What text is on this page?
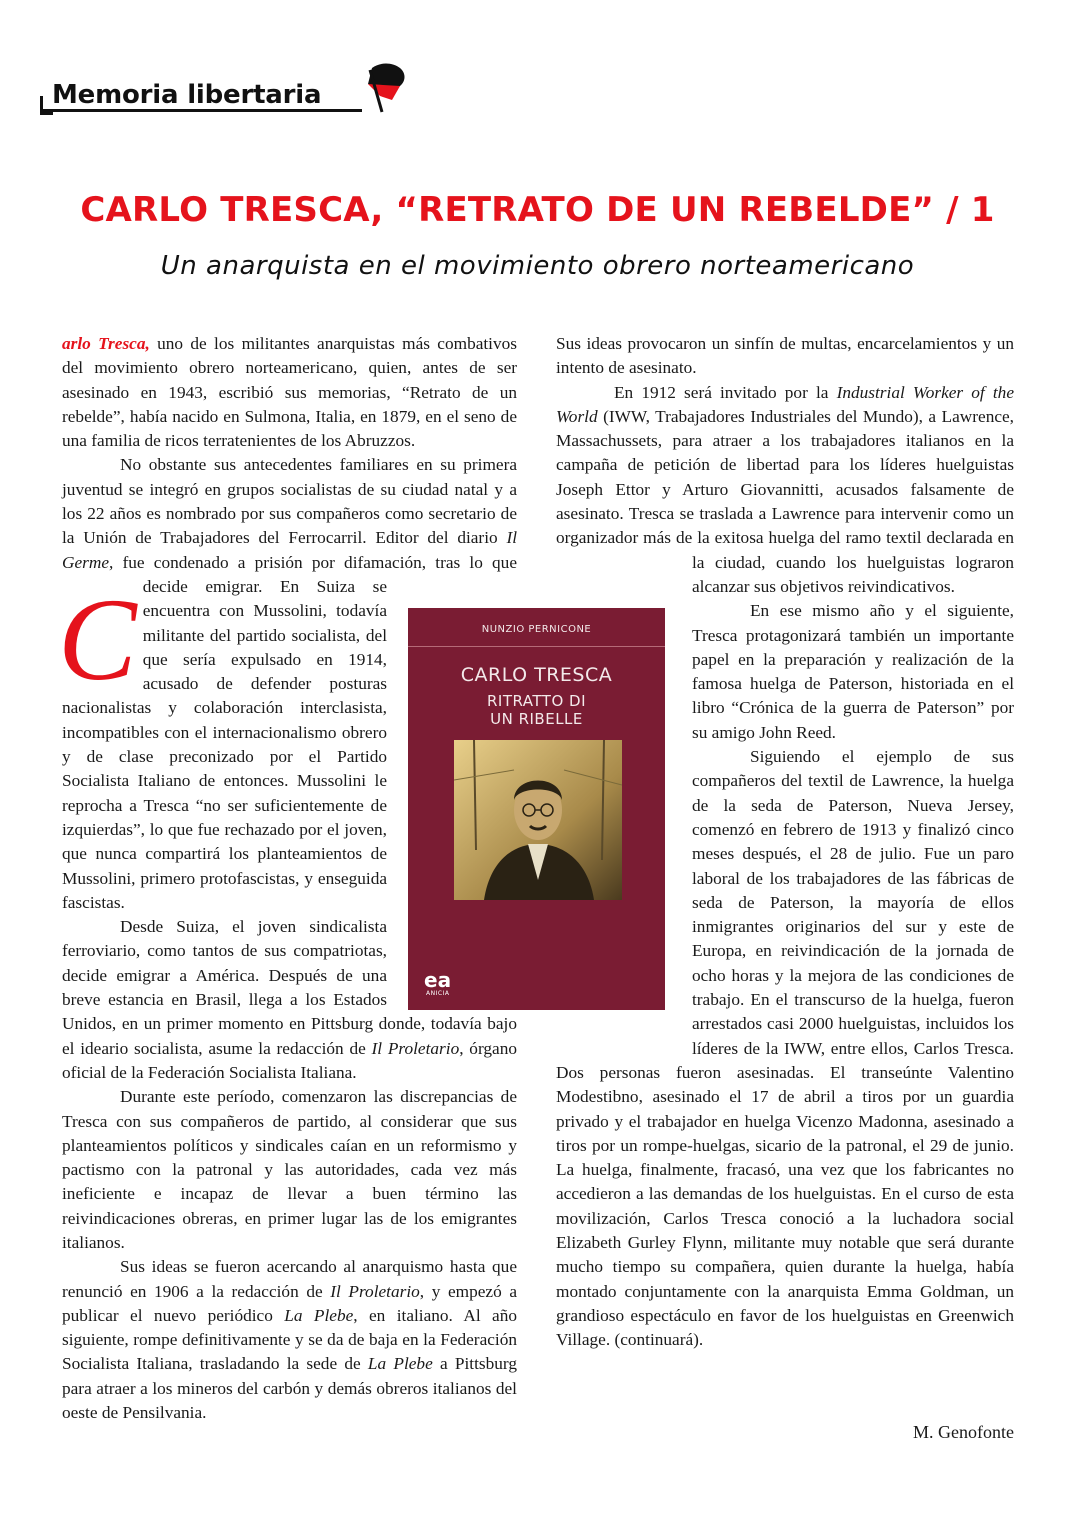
Memoria libertaria
CARLO TRESCA, “RETRATO DE UN REBELDE” / 1
Un anarquista en el movimiento obrero norteamericano

C
arlo Tresca, uno de los militantes anarquistas más combativos del movimiento obrero norteamericano, quien, antes de ser asesinado en 1943, escribió sus memorias, “Retrato de un rebelde”, había nacido en Sulmona, Italia, en 1879, en el seno de una familia de ricos terratenientes de los Abruzzos.

No obstante sus antecedentes familiares en su primera juventud se integró en grupos socialistas de su ciudad natal y a los 22 años es nombrado por sus compañeros como secretario de la Unión de Trabajadores del Ferrocarril. Editor del diario Il Germe, fue condenado a prisión por difamación, tras lo que decide emigrar. En Suiza se encuentra con Mussolini, todavía militante del partido socialista, del que sería expulsado en 1914, acusado de defender posturas nacionalistas y colaboración interclasista, incompatibles con el internacionalismo obrero y de clase preconizado por el Partido Socialista Italiano de entonces. Mussolini le reprocha a Tresca “no ser suficientemente de izquierdas”, lo que fue rechazado por el joven, que nunca compartirá los planteamientos de Mussolini, primero protofascistas, y enseguida fascistas.

Desde Suiza, el joven sindicalista ferroviario, como tantos de sus compatriotas, decide emigrar a América. Después de una breve estancia en Brasil, llega a los Estados Unidos, en un primer momento en Pittsburg donde, todavía bajo el ideario socialista, asume la redacción de Il Proletario, órgano oficial de la Federación Socialista Italiana.

Durante este período, comenzaron las discrepancias de Tresca con sus compañeros de partido, al considerar que sus planteamientos políticos y sindicales caían en un reformismo y pactismo con la patronal y las autoridades, cada vez más ineficiente e incapaz de llevar a buen término las reivindicaciones obreras, en primer lugar las de los emigrantes italianos.

Sus ideas se fueron acercando al anarquismo hasta que renunció en 1906 a la redacción de Il Proletario, y empezó a publicar el nuevo periódico La Plebe, en italiano. Al año siguiente, rompe definitivamente y se da de baja en la Federación Socialista Italiana, trasladando la sede de La Plebe a Pittsburg para atraer a los mineros del carbón y demás obreros italianos del oeste de Pensilvania.

Sus ideas provocaron un sinfín de multas, encarcelamientos y un intento de asesinato.

En 1912 será invitado por la Industrial Worker of the World (IWW, Trabajadores Industriales del Mundo), a Lawrence, Massachussets, para atraer a los trabajadores italianos en la campaña de petición de libertad para los líderes huelguistas Joseph Ettor y Arturo Giovannitti, acusados falsamente de asesinato. Tresca se traslada a Lawrence para intervenir como un organizador más de la exitosa huelga del ramo textil declarada en la ciudad, cuando los huelguistas lograron alcanzar sus objetivos reivindicativos.

En ese mismo año y el siguiente, Tresca protagonizará también un importante papel en la preparación y realización de la famosa huelga de Paterson, historiada en el libro “Crónica de la guerra de Paterson” por su amigo John Reed.

Siguiendo el ejemplo de sus compañeros del textil de Lawrence, la huelga de la seda de Paterson, Nueva Jersey, comenzó en febrero de 1913 y finalizó cinco meses después, el 28 de julio. Fue un paro laboral de los trabajadores de las fábricas de seda de Paterson, la mayoría de ellos inmigrantes originarios del sur y este de Europa, en reivindicación de la jornada de ocho horas y la mejora de las condiciones de trabajo. En el transcurso de la huelga, fueron arrestados casi 2000 huelguistas, incluidos los líderes de la IWW, entre ellos, Carlos Tresca. Dos personas fueron asesinadas. El transeúnte Valentino Modestibno, asesinado el 17 de abril a tiros por un guardia privado y el trabajador en huelga Vicenzo Madonna, asesinado a tiros por un rompe-huelgas, sicario de la patronal, el 29 de junio. La huelga, finalmente, fracasó, una vez que los fabricantes no accedieron a las demandas de los huelguistas. En el curso de esta movilización, Carlos Tresca conoció a la luchadora social Elizabeth Gurley Flynn, militante muy notable que será durante mucho tiempo su compañera, quien durante la huelga, había montado conjuntamente con la anarquista Emma Goldman, un grandioso espectáculo en favor de los huelguistas en Greenwich Village. (continuará).

NUNZIO PERNICONE
CARLO TRESCA
RITRATTO DI
UN RIBELLE
ea
ANICIA
M. Genofonte
